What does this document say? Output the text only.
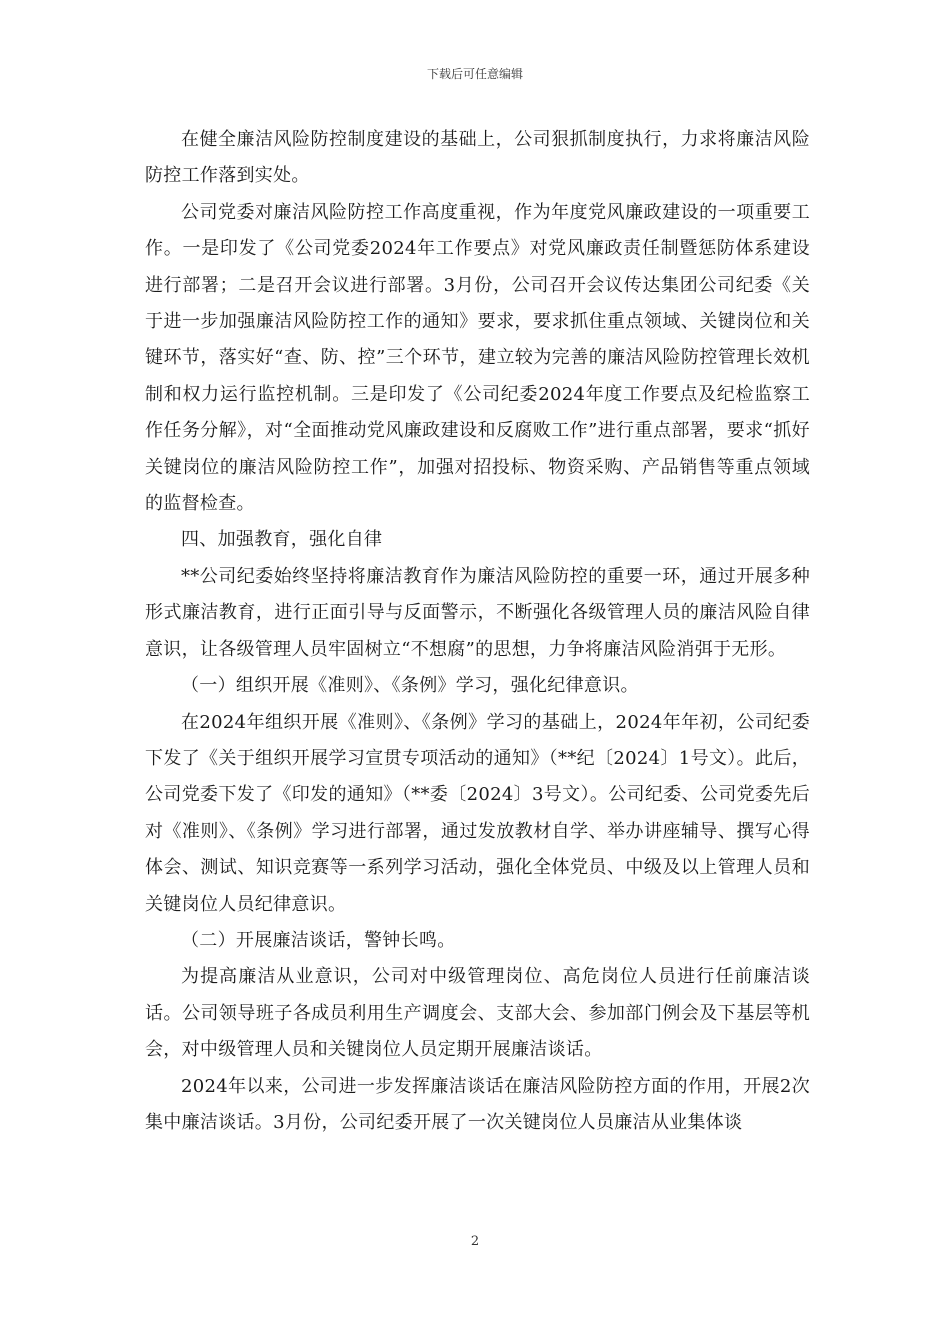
下载后可任意编辑

在健全廉洁风险防控制度建设的基础上，公司狠抓制度执行，力求将廉洁风险防控工作落到实处。

公司党委对廉洁风险防控工作高度重视，作为年度党风廉政建设的一项重要工作。一是印发了《公司党委2024年工作要点》对党风廉政责任制暨惩防体系建设进行部署；二是召开会议进行部署。3月份，公司召开会议传达集团公司纪委《关于进一步加强廉洁风险防控工作的通知》要求，要求抓住重点领域、关键岗位和关键环节，落实好“查、防、控”三个环节，建立较为完善的廉洁风险防控管理长效机制和权力运行监控机制。三是印发了《公司纪委2024年度工作要点及纪检监察工作任务分解》，对“全面推动党风廉政建设和反腐败工作”进行重点部署，要求“抓好关键岗位的廉洁风险防控工作”，加强对招投标、物资采购、产品销售等重点领域的监督检查。

四、加强教育，强化自律

**公司纪委始终坚持将廉洁教育作为廉洁风险防控的重要一环，通过开展多种形式廉洁教育，进行正面引导与反面警示，不断强化各级管理人员的廉洁风险自律意识，让各级管理人员牢固树立“不想腐”的思想，力争将廉洁风险消弭于无形。

（一）组织开展《准则》、《条例》学习，强化纪律意识。

在2024年组织开展《准则》、《条例》学习的基础上，2024年年初，公司纪委下发了《关于组织开展学习宣贯专项活动的通知》（**纪〔2024〕1号文）。此后，公司党委下发了《印发的通知》（**委〔2024〕3号文）。公司纪委、公司党委先后对《准则》、《条例》学习进行部署，通过发放教材自学、举办讲座辅导、撰写心得体会、测试、知识竞赛等一系列学习活动，强化全体党员、中级及以上管理人员和关键岗位人员纪律意识。

（二）开展廉洁谈话，警钟长鸣。

为提高廉洁从业意识，公司对中级管理岗位、高危岗位人员进行任前廉洁谈话。公司领导班子各成员利用生产调度会、支部大会、参加部门例会及下基层等机会，对中级管理人员和关键岗位人员定期开展廉洁谈话。

2024年以来，公司进一步发挥廉洁谈话在廉洁风险防控方面的作用，开展2次集中廉洁谈话。3月份，公司纪委开展了一次关键岗位人员廉洁从业集体谈

2
